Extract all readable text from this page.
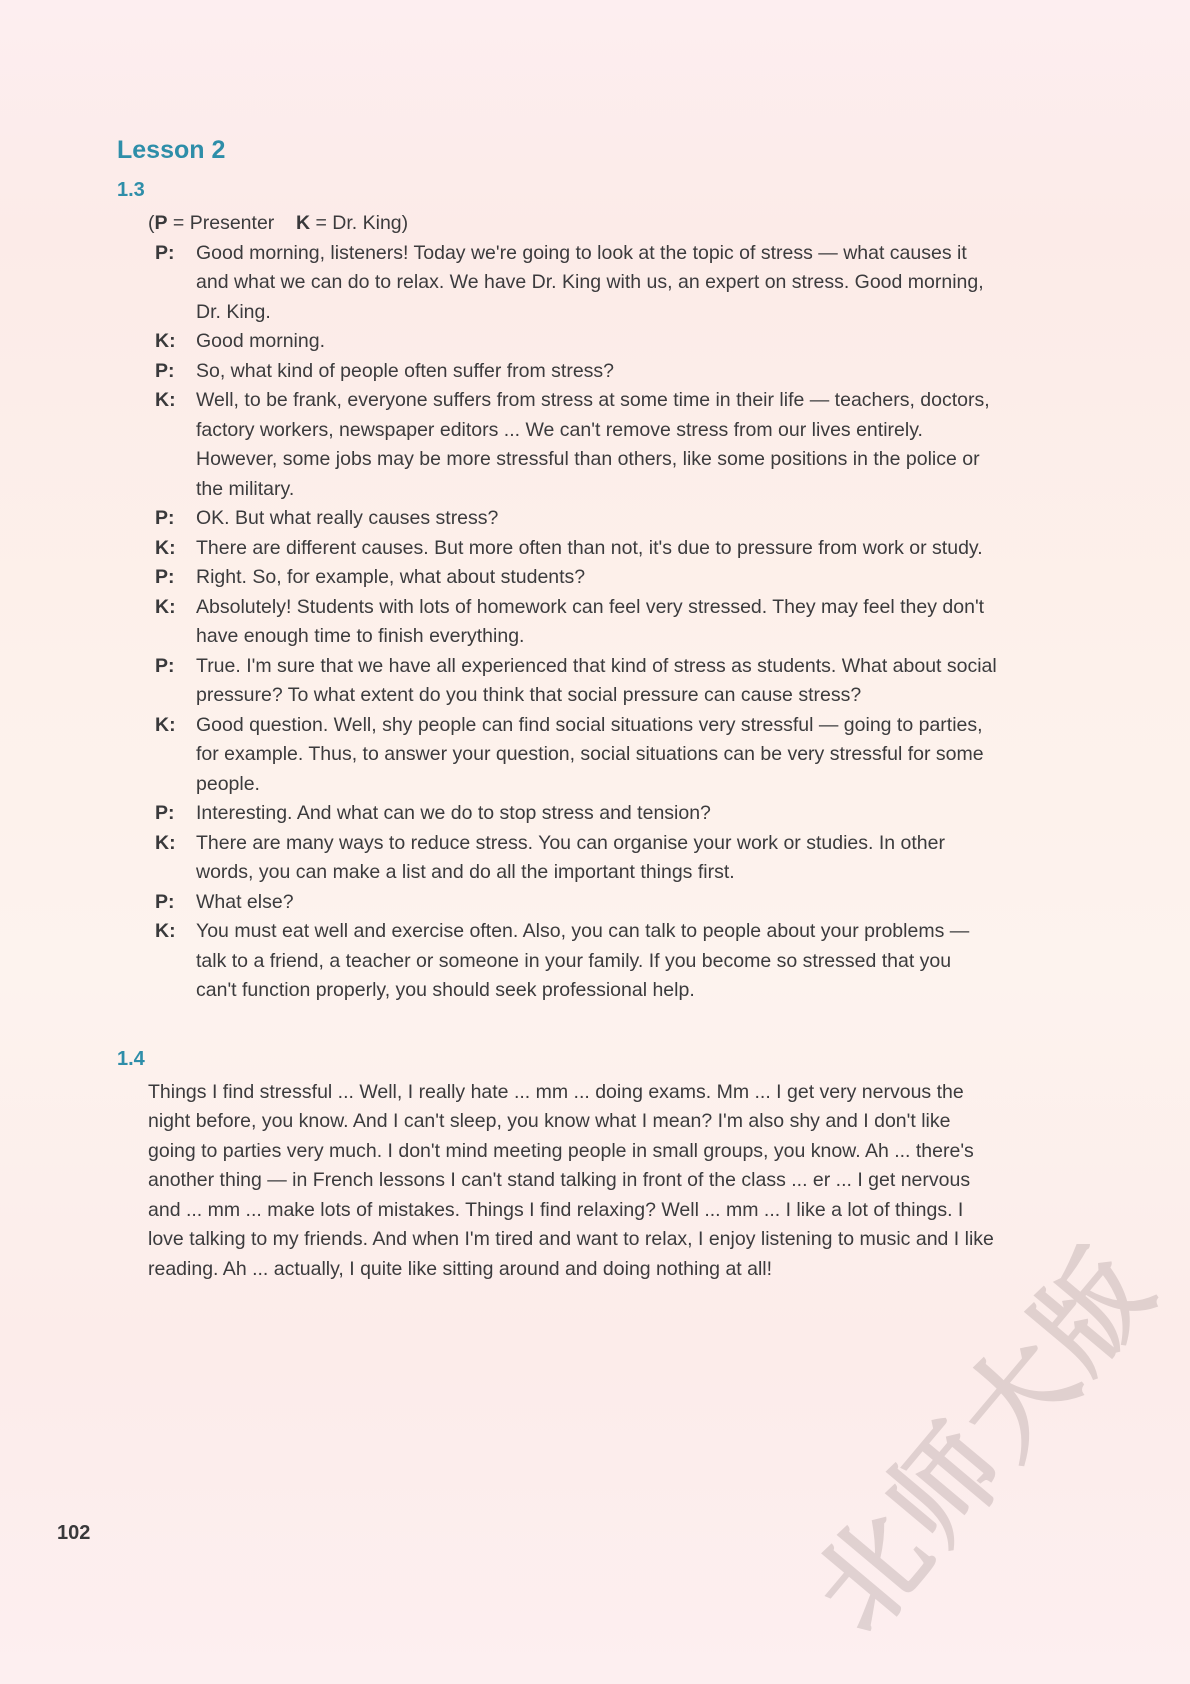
Lesson 2
1.3
(P = Presenter    K = Dr. King)
P:	Good morning, listeners! Today we're going to look at the topic of stress — what causes it and what we can do to relax. We have Dr. King with us, an expert on stress. Good morning, Dr. King.
K:	Good morning.
P:	So, what kind of people often suffer from stress?
K:	Well, to be frank, everyone suffers from stress at some time in their life — teachers, doctors, factory workers, newspaper editors ... We can't remove stress from our lives entirely. However, some jobs may be more stressful than others, like some positions in the police or the military.
P:	OK. But what really causes stress?
K:	There are different causes. But more often than not, it's due to pressure from work or study.
P:	Right. So, for example, what about students?
K:	Absolutely! Students with lots of homework can feel very stressed. They may feel they don't have enough time to finish everything.
P:	True. I'm sure that we have all experienced that kind of stress as students. What about social pressure? To what extent do you think that social pressure can cause stress?
K:	Good question. Well, shy people can find social situations very stressful — going to parties, for example. Thus, to answer your question, social situations can be very stressful for some people.
P:	Interesting. And what can we do to stop stress and tension?
K:	There are many ways to reduce stress. You can organise your work or studies. In other words, you can make a list and do all the important things first.
P:	What else?
K:	You must eat well and exercise often. Also, you can talk to people about your problems — talk to a friend, a teacher or someone in your family. If you become so stressed that you can't function properly, you should seek professional help.
1.4
Things I find stressful ... Well, I really hate ... mm ... doing exams. Mm ... I get very nervous the night before, you know. And I can't sleep, you know what I mean? I'm also shy and I don't like going to parties very much. I don't mind meeting people in small groups, you know. Ah ... there's another thing — in French lessons I can't stand talking in front of the class ... er ... I get nervous and ... mm ... make lots of mistakes. Things I find relaxing? Well ... mm ... I like a lot of things. I love talking to my friends. And when I'm tired and want to relax, I enjoy listening to music and I like reading. Ah ... actually, I quite like sitting around and doing nothing at all!
102	北师大版
